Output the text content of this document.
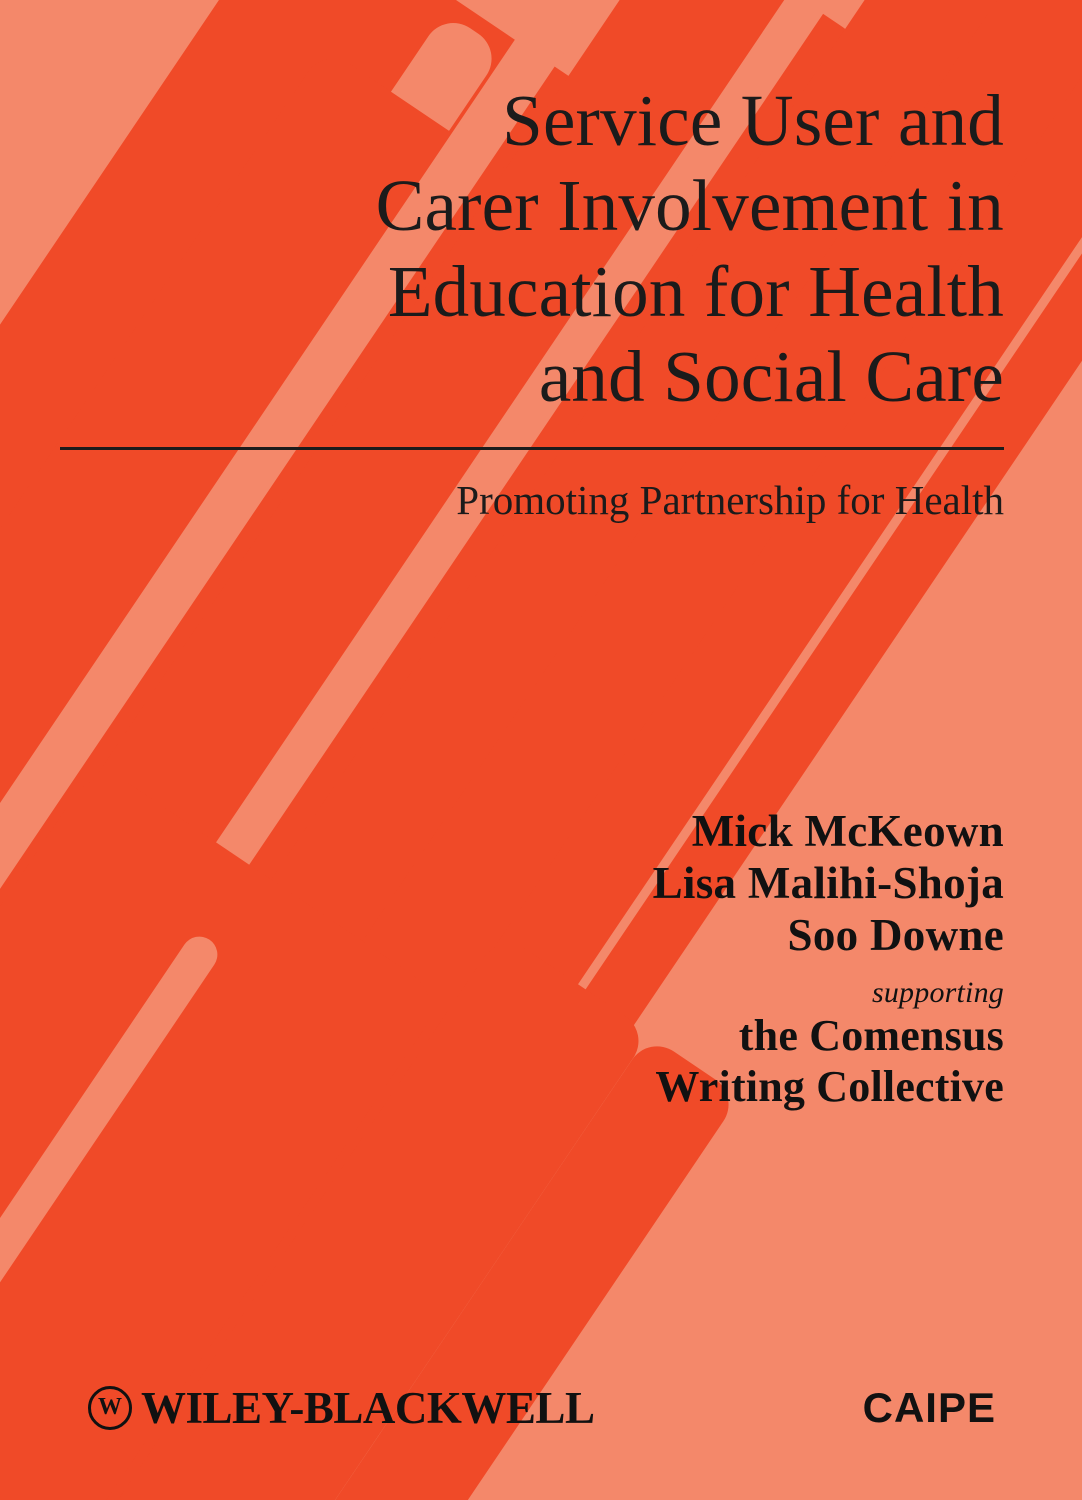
Service User and
Carer Involvement in
Education for Health
and Social Care
Promoting Partnership for Health
Mick McKeown
Lisa Malihi-Shoja
Soo Downe
supporting
the Comensus
Writing Collective
W
WILEY-BLACKWELL	CAIPE
